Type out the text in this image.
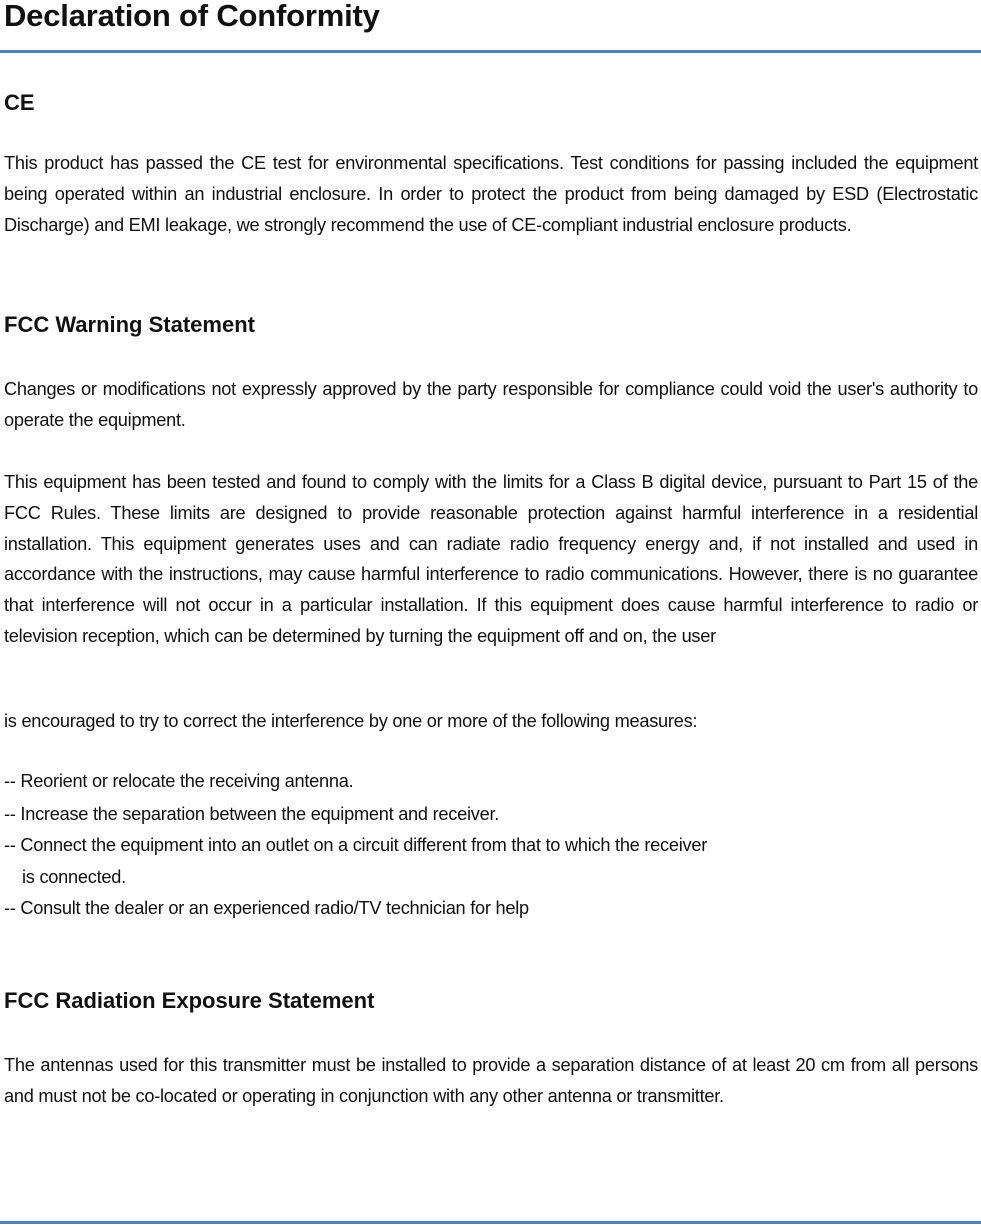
Declaration of Conformity
CE

This product has passed the CE test for environmental specifications. Test conditions for passing included the equipment being operated within an industrial enclosure. In order to protect the product from being damaged by ESD (Electrostatic Discharge) and EMI leakage, we strongly recommend the use of CE-compliant industrial enclosure products.

FCC Warning Statement

Changes or modifications not expressly approved by the party responsible for compliance could void the user's authority to operate the equipment.

This equipment has been tested and found to comply with the limits for a Class B digital device, pursuant to Part 15 of the FCC Rules. These limits are designed to provide reasonable protection against harmful interference in a residential installation. This equipment generates uses and can radiate radio frequency energy and, if not installed and used in accordance with the instructions, may cause harmful interference to radio communications. However, there is no guarantee that interference will not occur in a particular installation. If this equipment does cause harmful interference to radio or television reception, which can be determined by turning the equipment off and on, the user

is encouraged to try to correct the interference by one or more of the following measures:

-- Reorient or relocate the receiving antenna.

-- Increase the separation between the equipment and receiver.

-- Connect the equipment into an outlet on a circuit different from that to which the receiver

is connected.

-- Consult the dealer or an experienced radio/TV technician for help

FCC Radiation Exposure Statement

The antennas used for this transmitter must be installed to provide a separation distance of at least 20 cm from all persons and must not be co-located or operating in conjunction with any other antenna or transmitter.
